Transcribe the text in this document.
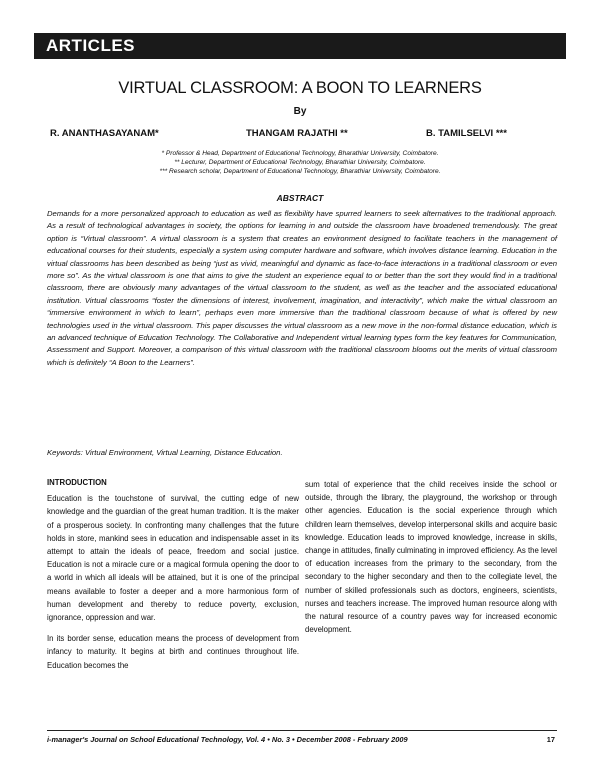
ARTICLES
VIRTUAL CLASSROOM: A BOON TO LEARNERS
By
R. ANANTHASAYANAM*	THANGAM RAJATHI **	B. TAMILSELVI ***
* Professor & Head, Department of Educational Technology, Bharathiar University, Coimbatore.
** Lecturer, Department of Educational Technology, Bharathiar University, Coimbatore.
*** Research scholar, Department of Educational Technology, Bharathiar University, Coimbatore.
ABSTRACT

Demands for a more personalized approach to education as well as flexibility have spurred learners to seek alternatives to the traditional approach. As a result of technological advantages in society, the options for learning in and outside the classroom have broadened tremendously. The great option is “Virtual classroom”. A virtual classroom is a system that creates an environment designed to facilitate teachers in the management of educational courses for their students, especially a system using computer hardware and software, which involves distance learning. Education in the virtual classrooms has been described as being “just as vivid, meaningful and dynamic as face-to-face interactions in a traditional classroom or even more so”. As the virtual classroom is one that aims to give the student an experience equal to or better than the sort they would find in a traditional classroom, there are obviously many advantages of the virtual classroom to the student, as well as the teacher and the associated educational institution. Virtual classrooms “foster the dimensions of interest, involvement, imagination, and interactivity”, which make the virtual classroom an “immersive environment in which to learn”, perhaps even more immersive than the traditional classroom because of what is offered by new technologies used in the virtual classroom. This paper discusses the virtual classroom as a new move in the non-formal distance education, which is an advanced technique of Education Technology. The Collaborative and Independent virtual learning types form the key features for Communication, Assessment and Support. Moreover, a comparison of this virtual classroom with the traditional classroom blooms out the merits of virtual classroom which is definitely “A Boon to the Learners”.

Keywords: Virtual Environment, Virtual Learning, Distance Education.

INTRODUCTION

Education is the touchstone of survival, the cutting edge of new knowledge and the guardian of the great human tradition. It is the maker of a prosperous society. In confronting many challenges that the future holds in store, mankind sees in education and indispensable asset in its attempt to attain the ideals of peace, freedom and social justice. Education is not a miracle cure or a magical formula opening the door to a world in which all ideals will be attained, but it is one of the principal means available to foster a deeper and a more harmonious form of human development and thereby to reduce poverty, exclusion, ignorance, oppression and war.

In its border sense, education means the process of development from infancy to maturity. It begins at birth and continues throughout life. Education becomes the

sum total of experience that the child receives inside the school or outside, through the library, the playground, the workshop or through other agencies. Education is the social experience through which children learn themselves, develop interpersonal skills and acquire basic knowledge. Education leads to improved knowledge, increase in skills, change in attitudes, finally culminating in improved efficiency. As the level of education increases from the primary to the secondary, from the secondary to the higher secondary and then to the collegiate level, the number of skilled professionals such as doctors, engineers, scientists, nurses and teachers increase. The improved human resource along with the natural resource of a country paves way for increased economic development.

i-manager's Journal on School Educational Technology, Vol. 4 • No. 3 • December 2008 - February 2009	17
